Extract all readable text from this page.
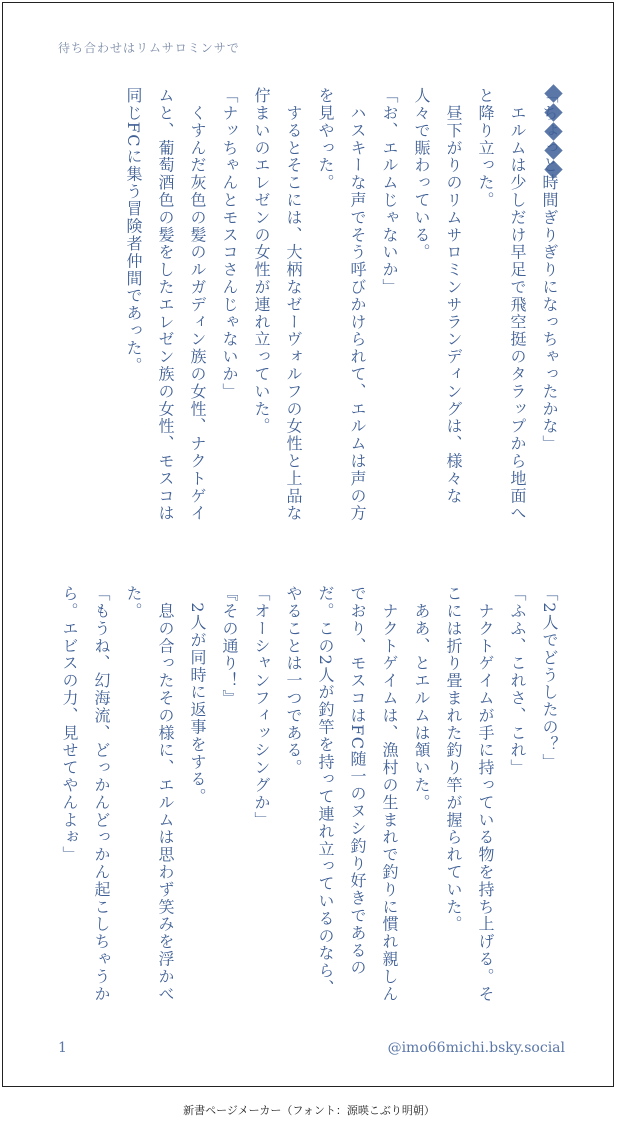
待ち合わせはリムサロミンサで

「ちょっと時間ぎりぎりになっちゃったかな」

　エルムは少しだけ早足で飛空挺のタラップから地面へと降り立った。

　昼下がりのリムサロミンサランディングは、様々な人々で賑わっている。

「お、エルムじゃないか」

　ハスキーな声でそう呼びかけられて、エルムは声の方を見やった。

　するとそこには、大柄なゼーヴォルフの女性と上品な佇まいのエレゼンの女性が連れ立っていた。

「ナッちゃんとモスコさんじゃないか」

　くすんだ灰色の髪のルガディン族の女性、ナクトゲイムと、葡萄酒色の髪をしたエレゼン族の女性、モスコは同じFCに集う冒険者仲間であった。

「2人でどうしたの？」

「ふふ、これさ、これ」

　ナクトゲイムが手に持っている物を持ち上げる。そこには折り畳まれた釣り竿が握られていた。

　ああ、とエルムは頷いた。

　ナクトゲイムは、漁村の生まれで釣りに慣れ親しんでおり、モスコはFC随一のヌシ釣り好きであるのだ。この2人が釣竿を持って連れ立っているのなら、やることは一つである。

「オーシャンフィッシングか」

『その通り！』

　2人が同時に返事をする。

　息の合ったその様に、エルムは思わず笑みを浮かべた。

「もうね、幻海流、どっかんどっかん起こしちゃうから。エビスの力、見せてやんよぉ」

1	@imo66michi.bsky.social
新書ページメーカー（フォント：源暎こぶり明朝）
